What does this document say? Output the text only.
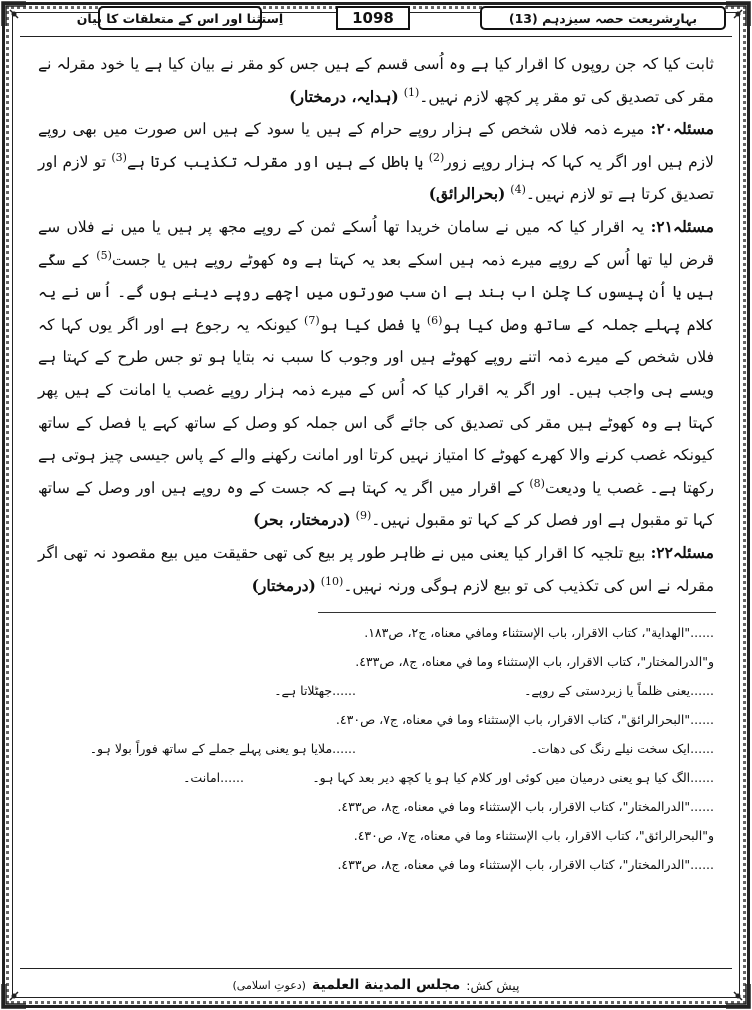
اِستثنا اور اس کے متعلقات کا بیان	1098	بہارِشریعت حصہ سیزدہم (13)

ثابت کیا کہ جن روپوں کا اقرار کیا ہے وہ اُسی قسم کے ہیں جس کو مقر نے بیان کیا ہے یا خود مقرلہ نے مقر کی تصدیق کی تو مقر پر کچھ لازم نہیں۔$^{(1)}$ (ہدایہ، درمختار)

مسئلہ۲۰: میرے ذمہ فلاں شخص کے ہزار روپے حرام کے ہیں یا سود کے ہیں اس صورت میں بھی روپے لازم ہیں اور اگر یہ کہا کہ ہزار روپے زور$^{(2)}$ یا باطل کے ہیں اور مقرلہ تکذیب کرتا ہے$^{(3)}$ تو لازم اور تصدیق کرتا ہے تو لازم نہیں۔$^{(4)}$ (بحرالرائق)

مسئلہ۲۱: یہ اقرار کیا کہ میں نے سامان خریدا تھا اُسکے ثمن کے روپے مجھ پر ہیں یا میں نے فلاں سے قرض لیا تھا اُس کے روپے میرے ذمہ ہیں اسکے بعد یہ کہتا ہے وہ کھوٹے روپے ہیں یا جست$^{(5)}$ کے سکّے ہیں یا اُن پیسوں کا چلن اب بند ہے ان سب صورتوں میں اچھے روپے دینے ہوں گے۔ اُس نے یہ کلام پہلے جملہ کے ساتھ وصل کیا ہو$^{(6)}$ یا فصل کیا ہو$^{(7)}$ کیونکہ یہ رجوع ہے اور اگر یوں کہا کہ فلاں شخص کے میرے ذمہ اتنے روپے کھوٹے ہیں اور وجوب کا سبب نہ بتایا ہو تو جس طرح کے کہتا ہے ویسے ہی واجب ہیں۔ اور اگر یہ اقرار کیا کہ اُس کے میرے ذمہ ہزار روپے غصب یا امانت کے ہیں پھر کہتا ہے وہ کھوٹے ہیں مقر کی تصدیق کی جائے گی اس جملہ کو وصل کے ساتھ کہے یا فصل کے ساتھ کیونکہ غصب کرنے والا کھرے کھوٹے کا امتیاز نہیں کرتا اور امانت رکھنے والے کے پاس جیسی چیز ہوتی ہے رکھتا ہے۔ غصب یا ودیعت$^{(8)}$ کے اقرار میں اگر یہ کہتا ہے کہ جست کے وہ روپے ہیں اور وصل کے ساتھ کہا تو مقبول ہے اور فصل کر کے کہا تو مقبول نہیں۔$^{(9)}$ (درمختار، بحر)

مسئلہ۲۲: بیع تلجیہ کا اقرار کیا یعنی میں نے ظاہر طور پر بیع کی تھی حقیقت میں بیع مقصود نہ تھی اگر مقرلہ نے اس کی تکذیب کی تو بیع لازم ہوگی ورنہ نہیں۔$^{(10)}$ (درمختار)

......"الهداية"، كتاب الاقرار، باب الإستثناء ومافي معناه، ج٢، ص١٨٣.
و"الدرالمختار"، كتاب الاقرار، باب الإستثناء وما في معناه، ج٨، ص٤٣٣.
......یعنی ظلماً یا زبردستی کے روپے۔
......جھٹلاتا ہے۔
......"البحرالرائق"، كتاب الاقرار، باب الإستثناء وما في معناه، ج٧، ص٤٣٠.
......ایک سخت نیلے رنگ کی دھات۔
......ملایا ہو یعنی پہلے جملے کے ساتھ فوراً بولا ہو۔
......الگ کیا ہو یعنی درمیان میں کوئی اور کلام کیا ہو یا کچھ دیر بعد کہا ہو۔
......امانت۔
......"الدرالمختار"، كتاب الاقرار، باب الإستثناء وما في معناه، ج٨، ص٤٣٣.
و"البحرالرائق"، كتاب الاقرار، باب الإستثناء وما في معناه، ج٧، ص٤٣٠.
......"الدرالمختار"، كتاب الاقرار، باب الإستثناء وما في معناه، ج٨، ص٤٣٣.
پیش کش:
مجلس المدينة العلمية
(دعوتِ اسلامی)
